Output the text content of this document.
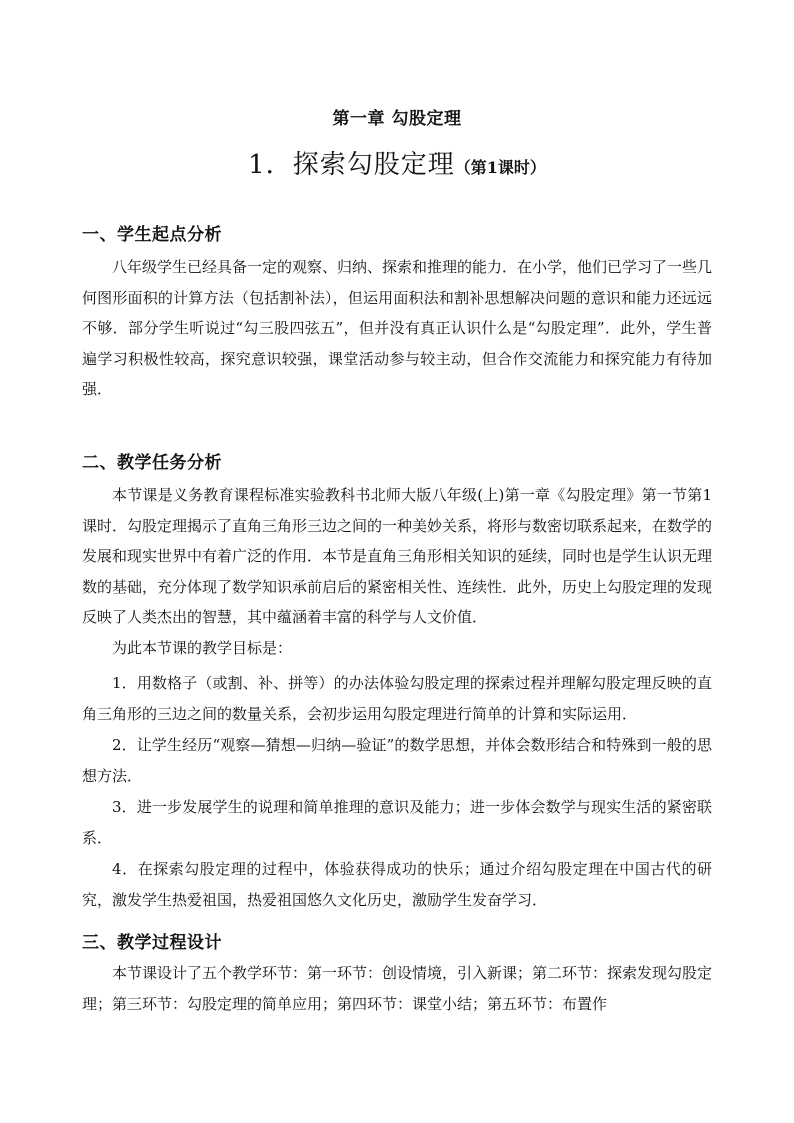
第一章 勾股定理
1．探索勾股定理（第1课时）
一、学生起点分析
八年级学生已经具备一定的观察、归纳、探索和推理的能力．在小学，他们已学习了一些几何图形面积的计算方法（包括割补法），但运用面积法和割补思想解决问题的意识和能力还远远不够．部分学生听说过“勾三股四弦五”，但并没有真正认识什么是“勾股定理”．此外，学生普遍学习积极性较高，探究意识较强，课堂活动参与较主动，但合作交流能力和探究能力有待加强．
二、教学任务分析
本节课是义务教育课程标准实验教科书北师大版八年级(上)第一章《勾股定理》第一节第1课时．勾股定理揭示了直角三角形三边之间的一种美妙关系，将形与数密切联系起来，在数学的发展和现实世界中有着广泛的作用．本节是直角三角形相关知识的延续，同时也是学生认识无理数的基础，充分体现了数学知识承前启后的紧密相关性、连续性．此外，历史上勾股定理的发现反映了人类杰出的智慧，其中蕴涵着丰富的科学与人文价值．
为此本节课的教学目标是：
1．用数格子（或割、补、拼等）的办法体验勾股定理的探索过程并理解勾股定理反映的直角三角形的三边之间的数量关系，会初步运用勾股定理进行简单的计算和实际运用．
2．让学生经历“观察—猜想—归纳—验证”的数学思想，并体会数形结合和特殊到一般的思想方法．
3．进一步发展学生的说理和简单推理的意识及能力；进一步体会数学与现实生活的紧密联系．
4．在探索勾股定理的过程中，体验获得成功的快乐；通过介绍勾股定理在中国古代的研究，激发学生热爱祖国，热爱祖国悠久文化历史，激励学生发奋学习．
三、教学过程设计
本节课设计了五个教学环节：第一环节：创设情境，引入新课；第二环节：探索发现勾股定理；第三环节：勾股定理的简单应用；第四环节：课堂小结；第五环节：布置作
